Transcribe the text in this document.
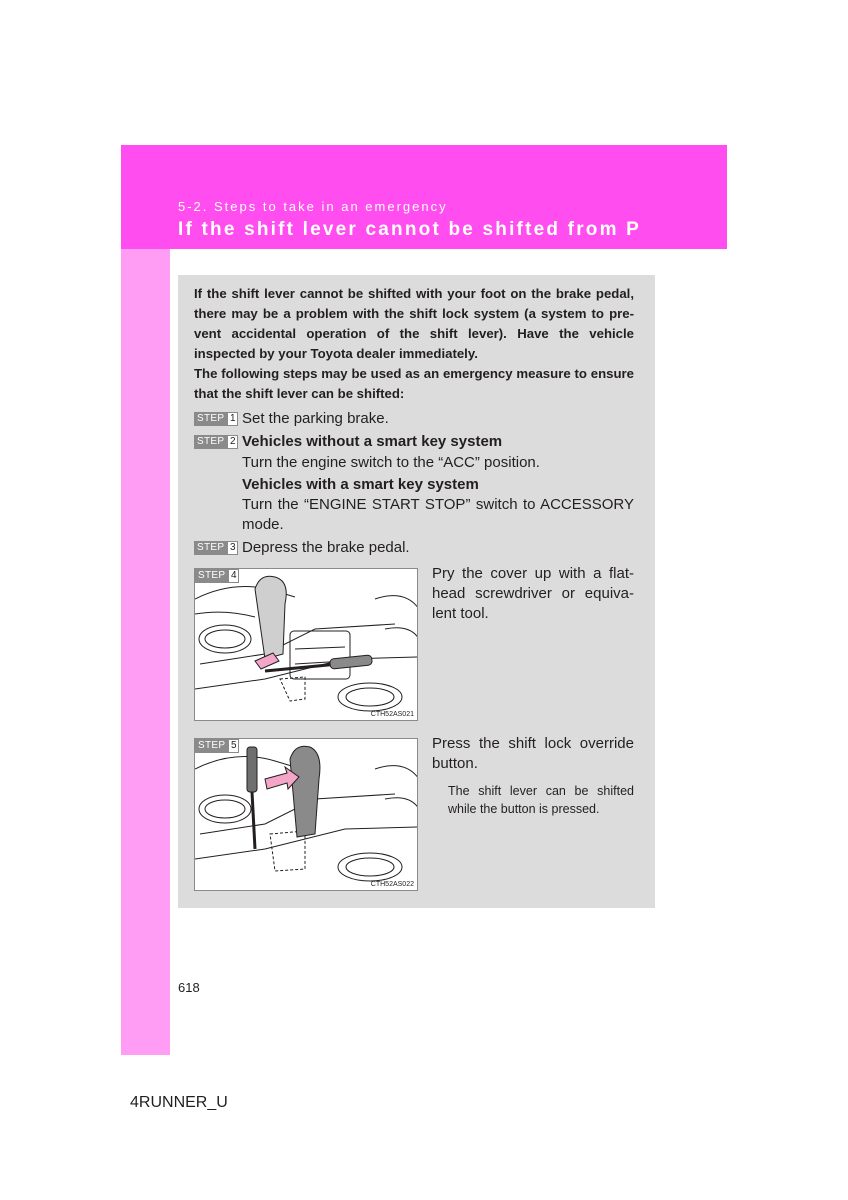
5-2. Steps to take in an emergency
If the shift lever cannot be shifted from P

If the shift lever cannot be shifted with your foot on the brake pedal, there may be a problem with the shift lock system (a system to pre- vent accidental operation of the shift lever). Have the vehicle inspected by your Toyota dealer immediately.

The following steps may be used as an emergency measure to ensure that the shift lever can be shifted:

STEP 1 Set the parking brake.
STEP 2 Vehicles without a smart key system
Turn the engine switch to the “ACC” position.
Vehicles with a smart key system
Turn the “ENGINE START STOP” switch to ACCESSORY mode.
STEP 3 Depress the brake pedal.
STEP 4
CTH52AS021
Pry the cover up with a flat- head screwdriver or equiva- lent tool.
STEP 5
CTH52AS022
Press the shift lock override button.
The shift lever can be shifted while the button is pressed.
618
4RUNNER_U
